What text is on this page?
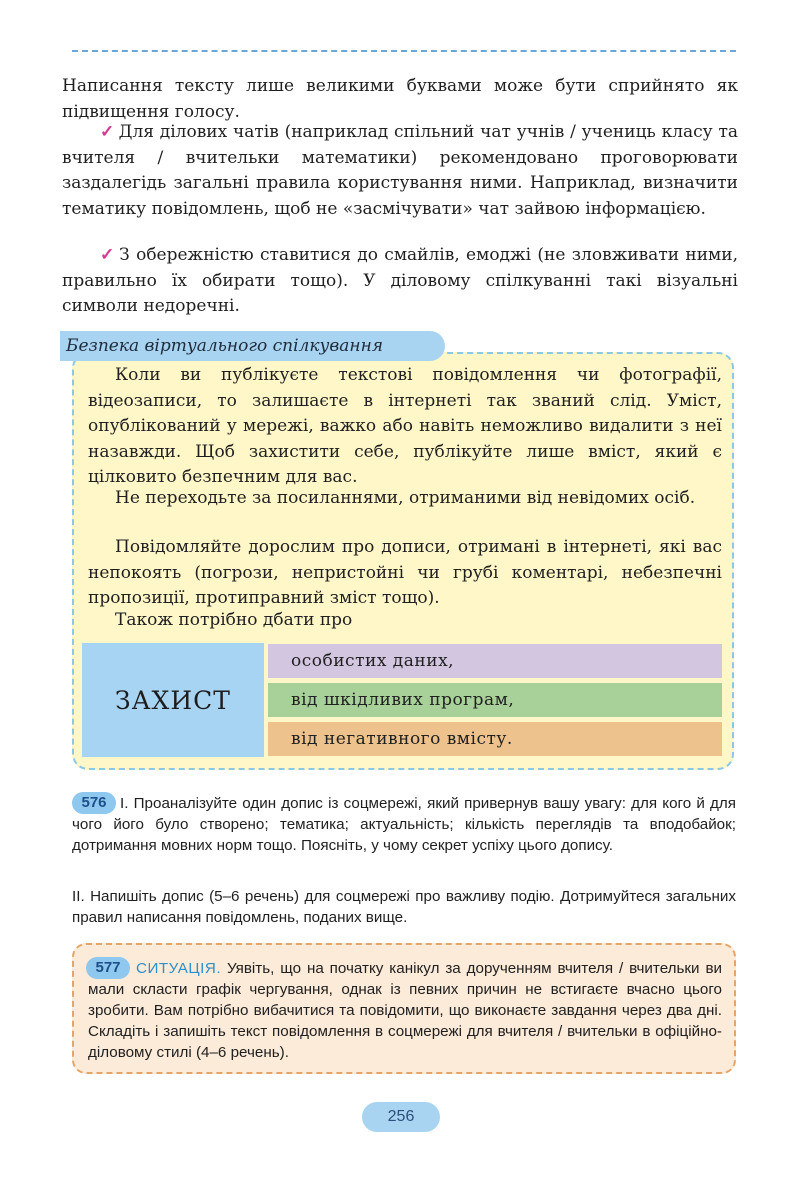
Написання тексту лише великими буквами може бути сприйнято як підвищення голосу.

✓ Для ділових чатів (наприклад спільний чат учнів / учениць класу та вчителя / вчительки математики) рекомендовано проговорювати заздалегідь загальні правила користування ними. Наприклад, визначити тематику повідомлень, щоб не «засмічувати» чат зайвою інформацією.

✓ З обережністю ставитися до смайлів, емоджі (не зловживати ними, правильно їх обирати тощо). У діловому спілкуванні такі візуальні символи недоречні.

Безпека віртуального спілкування

Коли ви публікуєте текстові повідомлення чи фотографії, відеозаписи, то залишаєте в інтернеті так званий слід. Уміст, опублікований у мережі, важко або навіть неможливо видалити з неї назавжди. Щоб захистити себе, публікуйте лише вміст, який є цілковито безпечним для вас.

Не переходьте за посиланнями, отриманими від невідомих осіб.

Повідомляйте дорослим про дописи, отримані в інтернеті, які вас непокоять (погрози, непристойні чи грубі коментарі, небезпечні пропозиції, протиправний зміст тощо).

Також потрібно дбати про

ЗАХИСТ
особистих даних,
від шкідливих програм,
від негативного вмісту.
I. Проаналізуйте один допис із соцмережі, який привернув вашу увагу: для кого й для чого його було створено; тематика; актуальність; кількість переглядів та вподобайок; дотримання мовних норм тощо. Поясніть, у чому секрет успіху цього допису.
576
II. Напишіть допис (5–6 речень) для соцмережі про важливу подію. Дотримуйтеся загальних правил написання повідомлень, поданих вище.
СИТУАЦІЯ. Уявіть, що на початку канікул за дорученням вчителя / вчительки ви мали скласти графік чергування, однак із певних причин не встигаєте вчасно цього зробити. Вам потрібно вибачитися та повідомити, що виконаєте завдання через два дні. Складіть і запишіть текст повідомлення в соцмережі для вчителя / вчительки в офіційно-діловому стилі (4–6 речень).
577
256
